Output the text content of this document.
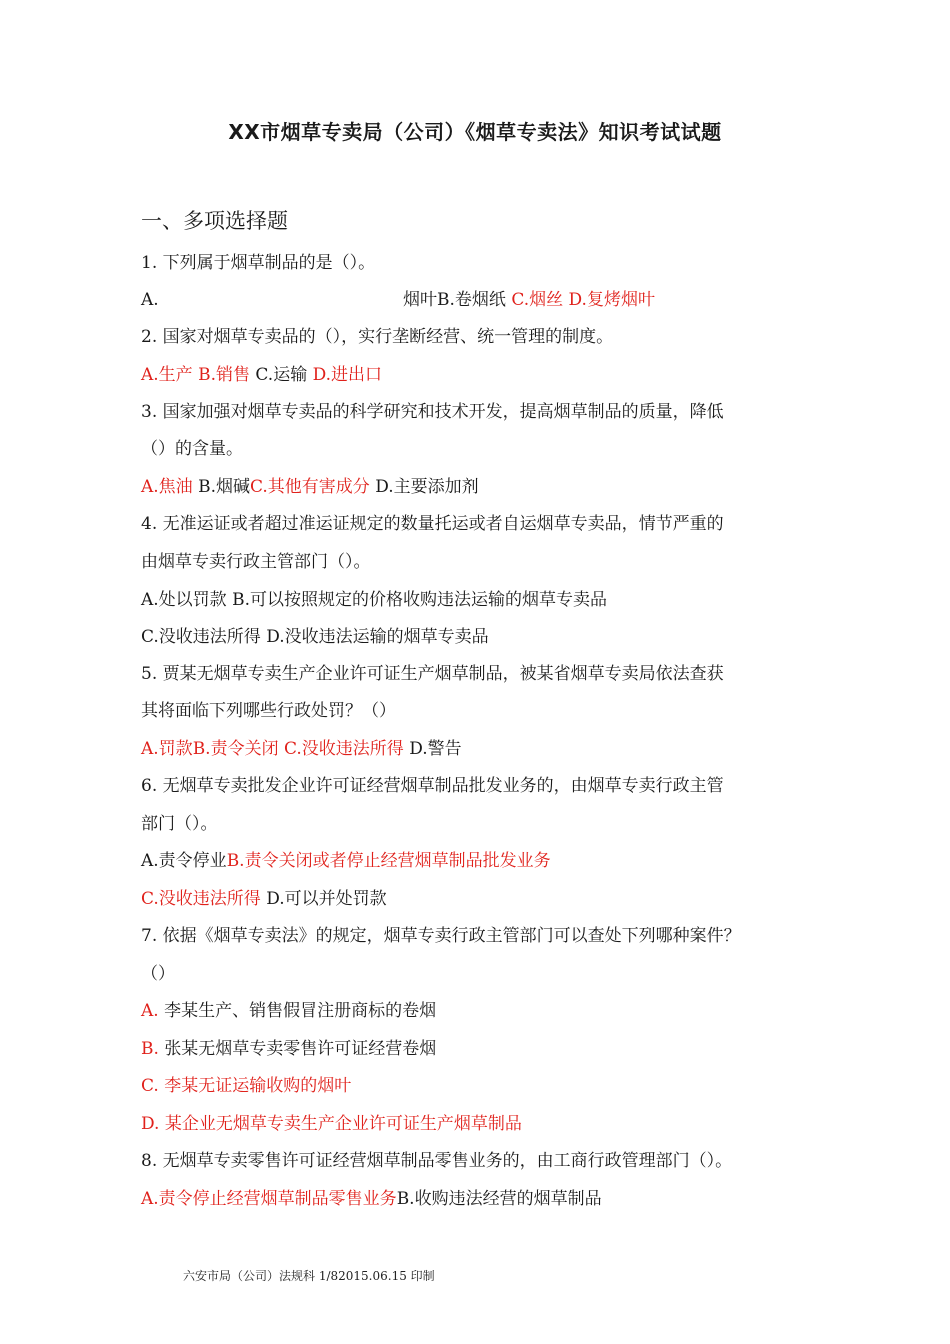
XX市烟草专卖局（公司）《烟草专卖法》知识考试试题
一、多项选择题
1. 下列属于烟草制品的是（）。
A.	烟叶B.卷烟纸 C.烟丝 D.复烤烟叶
2. 国家对烟草专卖品的（），实行垄断经营、统一管理的制度。
A.生产 B.销售 C.运输 D.进出口
3. 国家加强对烟草专卖品的科学研究和技术开发，提高烟草制品的质量，降低
（）的含量。
A.焦油 B.烟碱C.其他有害成分 D.主要添加剂
4. 无准运证或者超过准运证规定的数量托运或者自运烟草专卖品，情节严重的
由烟草专卖行政主管部门（）。
A.处以罚款 B.可以按照规定的价格收购违法运输的烟草专卖品
C.没收违法所得 D.没收违法运输的烟草专卖品
5. 贾某无烟草专卖生产企业许可证生产烟草制品，被某省烟草专卖局依法查获
其将面临下列哪些行政处罚？（）
A.罚款B.责令关闭 C.没收违法所得 D.警告
6. 无烟草专卖批发企业许可证经营烟草制品批发业务的，由烟草专卖行政主管
部门（）。
A.责令停业B.责令关闭或者停止经营烟草制品批发业务
C.没收违法所得 D.可以并处罚款
7. 依据《烟草专卖法》的规定，烟草专卖行政主管部门可以查处下列哪种案件？
（）
A. 李某生产、销售假冒注册商标的卷烟
B. 张某无烟草专卖零售许可证经营卷烟
C. 李某无证运输收购的烟叶
D. 某企业无烟草专卖生产企业许可证生产烟草制品
8. 无烟草专卖零售许可证经营烟草制品零售业务的，由工商行政管理部门（）。
A.责令停止经营烟草制品零售业务B.收购违法经营的烟草制品
六安市局（公司）法规科 1/82015.06.15 印制
